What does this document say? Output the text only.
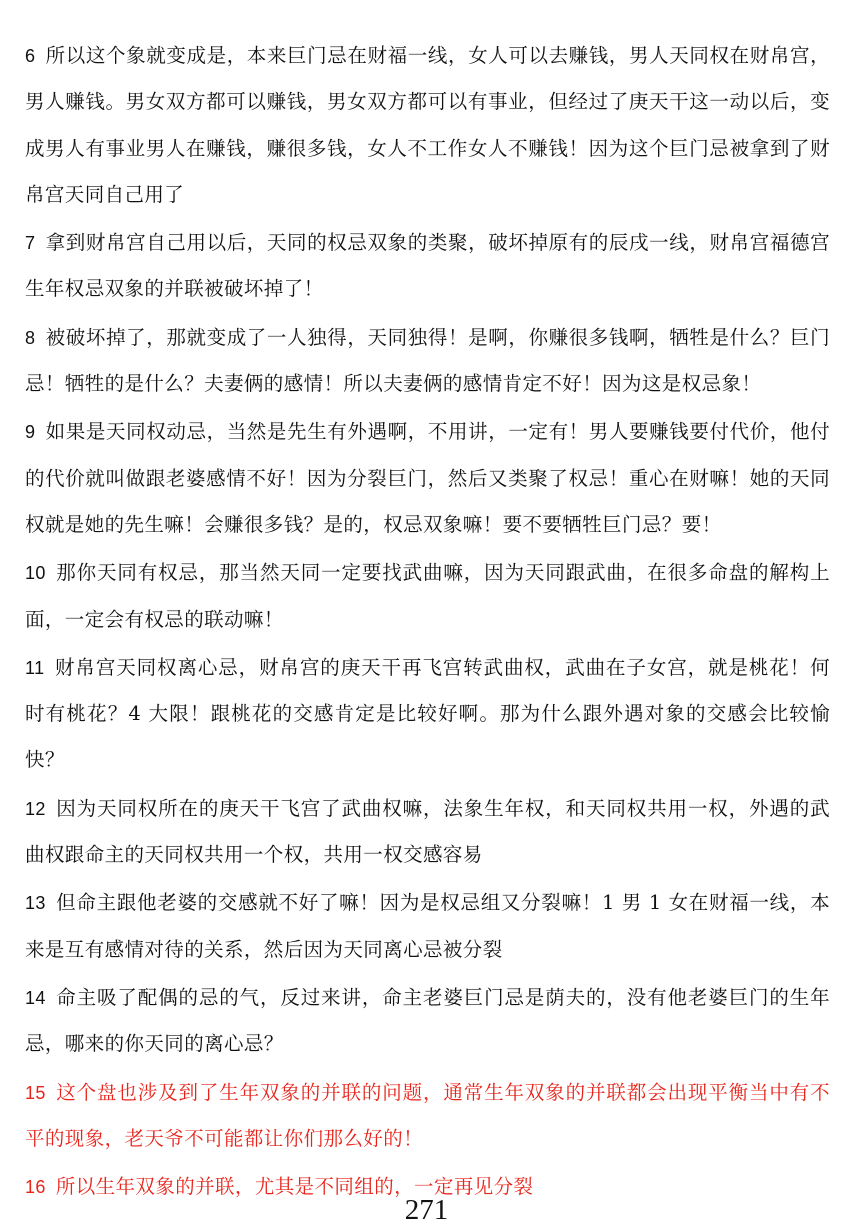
6 所以这个象就变成是，本来巨门忌在财福一线，女人可以去赚钱，男人天同权在财帛宫，男人赚钱。男女双方都可以赚钱，男女双方都可以有事业，但经过了庚天干这一动以后，变成男人有事业男人在赚钱，赚很多钱，女人不工作女人不赚钱！因为这个巨门忌被拿到了财帛宫天同自己用了

7 拿到财帛宫自己用以后，天同的权忌双象的类聚，破坏掉原有的辰戌一线，财帛宫福德宫生年权忌双象的并联被破坏掉了！

8 被破坏掉了，那就变成了一人独得，天同独得！是啊，你赚很多钱啊，牺牲是什么？巨门忌！牺牲的是什么？夫妻俩的感情！所以夫妻俩的感情肯定不好！因为这是权忌象！

9 如果是天同权动忌，当然是先生有外遇啊，不用讲，一定有！男人要赚钱要付代价，他付的代价就叫做跟老婆感情不好！因为分裂巨门，然后又类聚了权忌！重心在财嘛！她的天同权就是她的先生嘛！会赚很多钱？是的，权忌双象嘛！要不要牺牲巨门忌？要！

10 那你天同有权忌，那当然天同一定要找武曲嘛，因为天同跟武曲，在很多命盘的解构上面，一定会有权忌的联动嘛！

11 财帛宫天同权离心忌，财帛宫的庚天干再飞宫转武曲权，武曲在子女宫，就是桃花！何时有桃花？4 大限！跟桃花的交感肯定是比较好啊。那为什么跟外遇对象的交感会比较愉快？

12 因为天同权所在的庚天干飞宫了武曲权嘛，法象生年权，和天同权共用一权，外遇的武曲权跟命主的天同权共用一个权，共用一权交感容易

13 但命主跟他老婆的交感就不好了嘛！因为是权忌组又分裂嘛！1 男 1 女在财福一线，本来是互有感情对待的关系，然后因为天同离心忌被分裂

14 命主吸了配偶的忌的气，反过来讲，命主老婆巨门忌是荫夫的，没有他老婆巨门的生年忌，哪来的你天同的离心忌？

15 这个盘也涉及到了生年双象的并联的问题，通常生年双象的并联都会出现平衡当中有不平的现象，老天爷不可能都让你们那么好的！

16 所以生年双象的并联，尤其是不同组的，一定再见分裂

271
